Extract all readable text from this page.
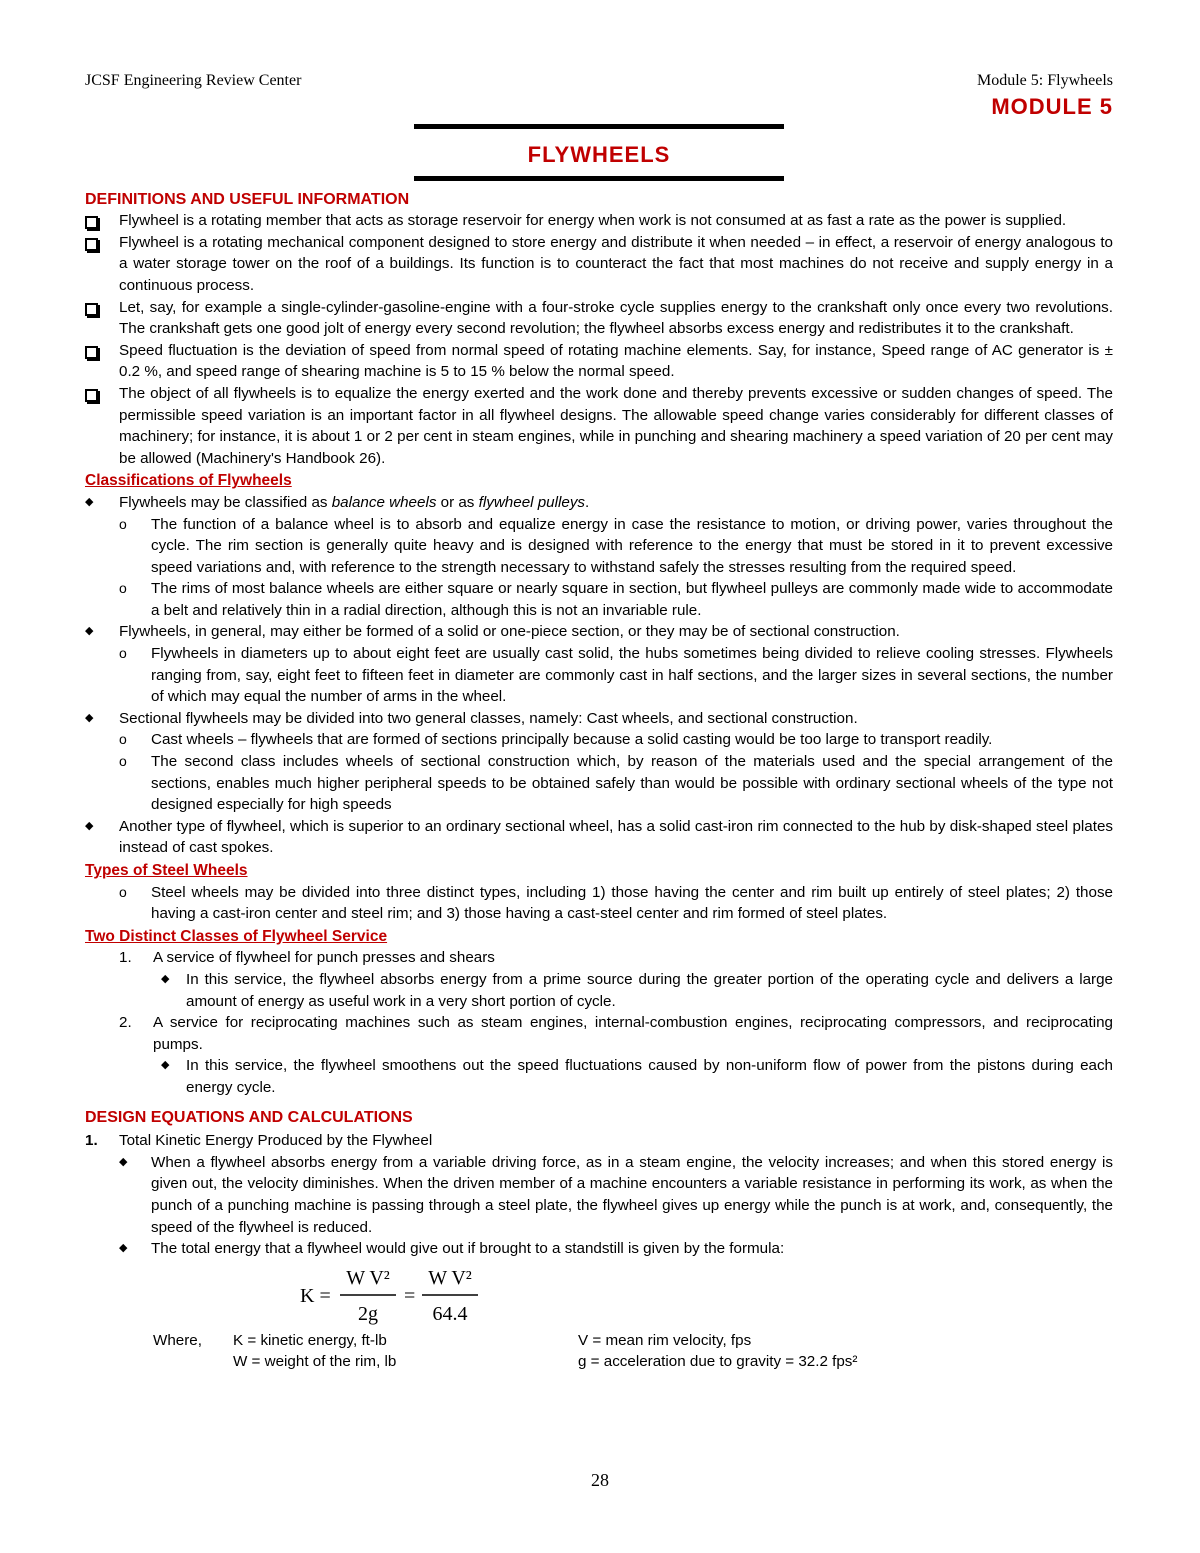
JCSF Engineering Review Center	Module 5: Flywheels
MODULE 5
FLYWHEELS
DEFINITIONS AND USEFUL INFORMATION
Flywheel is a rotating member that acts as storage reservoir for energy when work is not consumed at as fast a rate as the power is supplied.
Flywheel is a rotating mechanical component designed to store energy and distribute it when needed – in effect, a reservoir of energy analogous to a water storage tower on the roof of a buildings. Its function is to counteract the fact that most machines do not receive and supply energy in a continuous process.
Let, say, for example a single-cylinder-gasoline-engine with a four-stroke cycle supplies energy to the crankshaft only once every two revolutions. The crankshaft gets one good jolt of energy every second revolution; the flywheel absorbs excess energy and redistributes it to the crankshaft.
Speed fluctuation is the deviation of speed from normal speed of rotating machine elements. Say, for instance, Speed range of AC generator is ± 0.2 %, and speed range of shearing machine is 5 to 15 % below the normal speed.
The object of all flywheels is to equalize the energy exerted and the work done and thereby prevents excessive or sudden changes of speed. The permissible speed variation is an important factor in all flywheel designs. The allowable speed change varies considerably for different classes of machinery; for instance, it is about 1 or 2 per cent in steam engines, while in punching and shearing machinery a speed variation of 20 per cent may be allowed (Machinery's Handbook 26).
Classifications of Flywheels
◆ Flywheels may be classified as balance wheels or as flywheel pulleys.
o The function of a balance wheel is to absorb and equalize energy in case the resistance to motion, or driving power, varies throughout the cycle. The rim section is generally quite heavy and is designed with reference to the energy that must be stored in it to prevent excessive speed variations and, with reference to the strength necessary to withstand safely the stresses resulting from the required speed.
o The rims of most balance wheels are either square or nearly square in section, but flywheel pulleys are commonly made wide to accommodate a belt and relatively thin in a radial direction, although this is not an invariable rule.
◆ Flywheels, in general, may either be formed of a solid or one-piece section, or they may be of sectional construction.
o Flywheels in diameters up to about eight feet are usually cast solid, the hubs sometimes being divided to relieve cooling stresses. Flywheels ranging from, say, eight feet to fifteen feet in diameter are commonly cast in half sections, and the larger sizes in several sections, the number of which may equal the number of arms in the wheel.
◆ Sectional flywheels may be divided into two general classes, namely: Cast wheels, and sectional construction.
o Cast wheels – flywheels that are formed of sections principally because a solid casting would be too large to transport readily.
o The second class includes wheels of sectional construction which, by reason of the materials used and the special arrangement of the sections, enables much higher peripheral speeds to be obtained safely than would be possible with ordinary sectional wheels of the type not designed especially for high speeds
◆ Another type of flywheel, which is superior to an ordinary sectional wheel, has a solid cast-iron rim connected to the hub by disk-shaped steel plates instead of cast spokes.
Types of Steel Wheels
o Steel wheels may be divided into three distinct types, including 1) those having the center and rim built up entirely of steel plates; 2) those having a cast-iron center and steel rim; and 3) those having a cast-steel center and rim formed of steel plates.
Two Distinct Classes of Flywheel Service
1. A service of flywheel for punch presses and shears
◆ In this service, the flywheel absorbs energy from a prime source during the greater portion of the operating cycle and delivers a large amount of energy as useful work in a very short portion of cycle.
2. A service for reciprocating machines such as steam engines, internal-combustion engines, reciprocating compressors, and reciprocating pumps.
◆ In this service, the flywheel smoothens out the speed fluctuations caused by non-uniform flow of power from the pistons during each energy cycle.
DESIGN EQUATIONS AND CALCULATIONS
1. Total Kinetic Energy Produced by the Flywheel
◆ When a flywheel absorbs energy from a variable driving force, as in a steam engine, the velocity increases; and when this stored energy is given out, the velocity diminishes. When the driven member of a machine encounters a variable resistance in performing its work, as when the punch of a punching machine is passing through a steel plate, the flywheel gives up energy while the punch is at work, and, consequently, the speed of the flywheel is reduced.
◆ The total energy that a flywheel would give out if brought to a standstill is given by the formula:
K =
W V²
2g
=
W V²
64.4
Where,	K = kinetic energy, ft-lb	V = mean rim velocity, fps
W = weight of the rim, lb	g = acceleration due to gravity = 32.2 fps²
28
